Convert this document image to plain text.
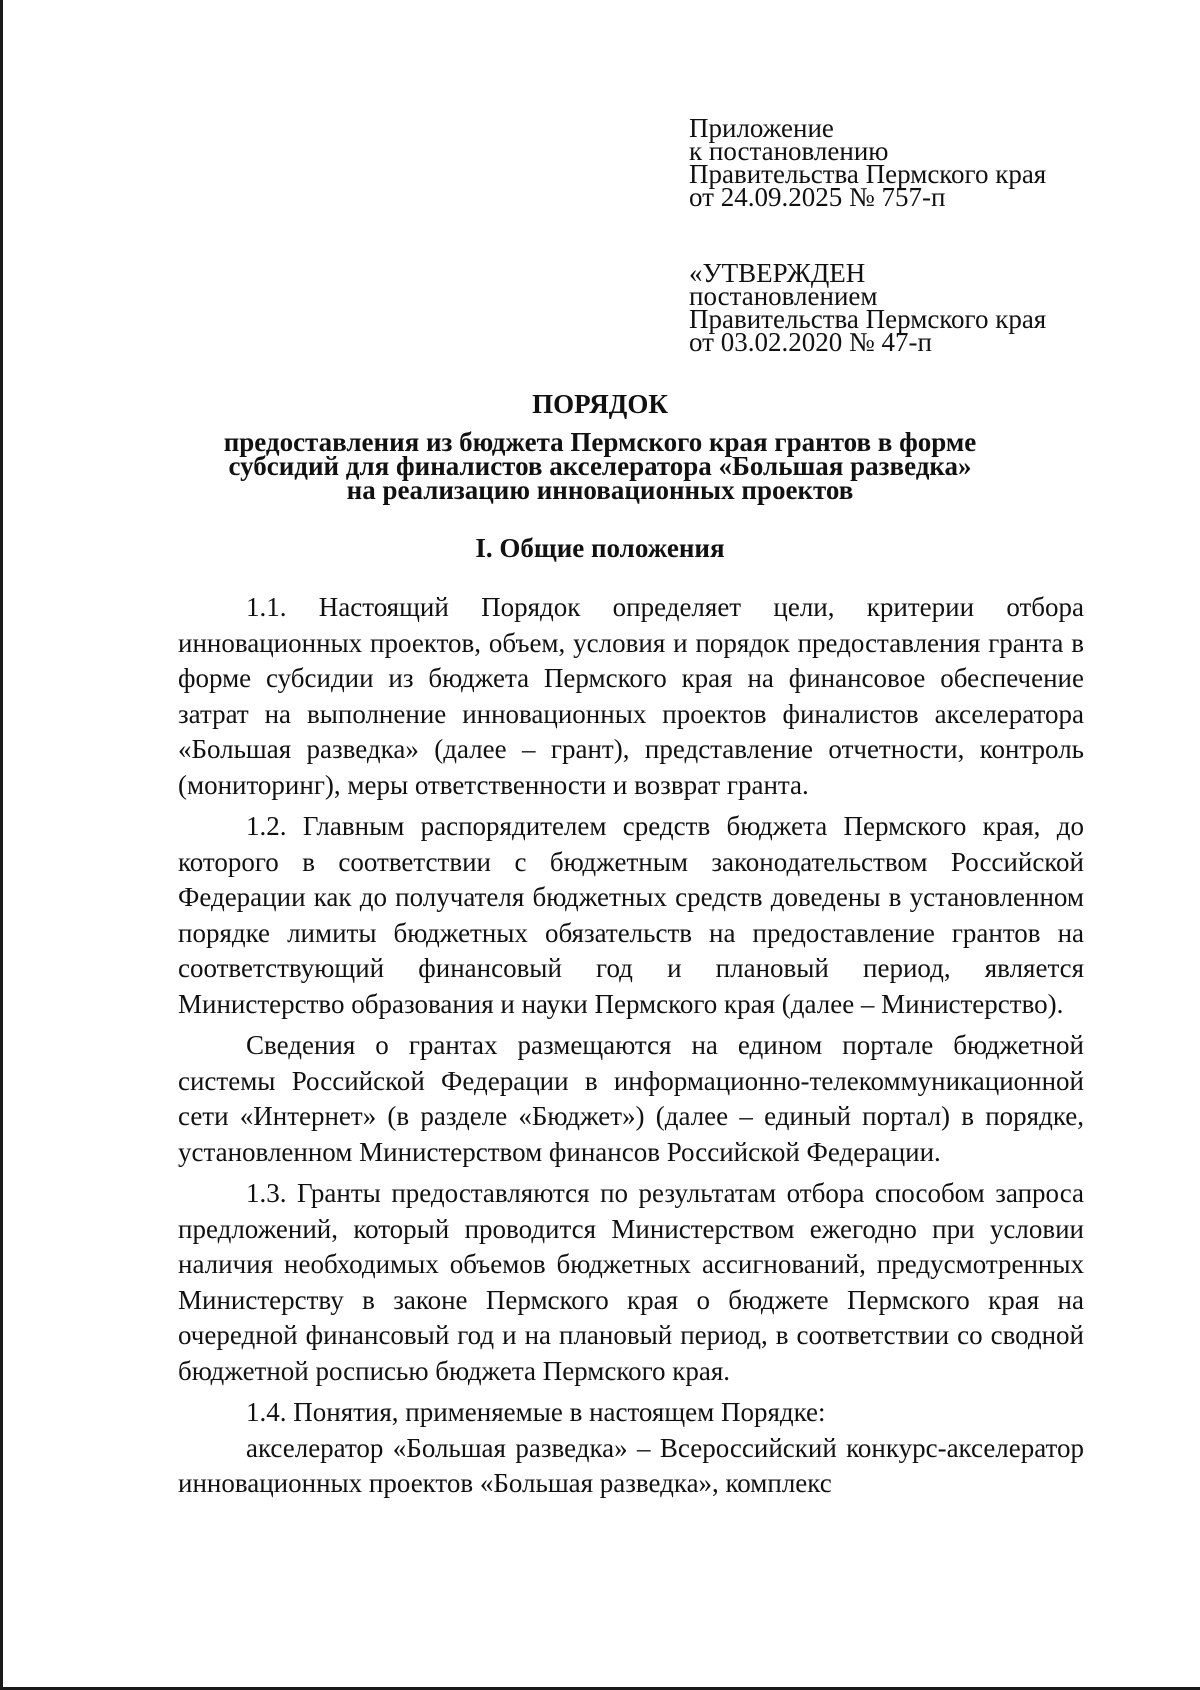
Приложение
к постановлению
Правительства Пермского края
от 24.09.2025 № 757-п
«УТВЕРЖДЕН
постановлением
Правительства Пермского края
от 03.02.2020 № 47-п
ПОРЯДОК
предоставления из бюджета Пермского края грантов в форме
субсидий для финалистов акселератора «Большая разведка»
на реализацию инновационных проектов
I. Общие положения

1.1. Настоящий Порядок определяет цели, критерии отбора инновационных проектов, объем, условия и порядок предоставления гранта в форме субсидии из бюджета Пермского края на финансовое обеспечение затрат на выполнение инновационных проектов финалистов акселератора «Большая разведка» (далее – грант), представление отчетности, контроль (мониторинг), меры ответственности и возврат гранта.

1.2. Главным распорядителем средств бюджета Пермского края, до которого в соответствии с бюджетным законодательством Российской Федерации как до получателя бюджетных средств доведены в установленном порядке лимиты бюджетных обязательств на предоставление грантов на соответствующий финансовый год и плановый период, является Министерство образования и науки Пермского края (далее – Министерство).

Сведения о грантах размещаются на едином портале бюджетной системы Российской Федерации в информационно-телекоммуникационной сети «Интернет» (в разделе «Бюджет») (далее – единый портал) в порядке, установленном Министерством финансов Российской Федерации.

1.3. Гранты предоставляются по результатам отбора способом запроса предложений, который проводится Министерством ежегодно при условии наличия необходимых объемов бюджетных ассигнований, предусмотренных Министерству в законе Пермского края о бюджете Пермского края на очередной финансовый год и на плановый период, в соответствии со сводной бюджетной росписью бюджета Пермского края.

1.4. Понятия, применяемые в настоящем Порядке:

акселератор «Большая разведка» – Всероссийский конкурс-акселератор инновационных проектов «Большая разведка», комплекс
